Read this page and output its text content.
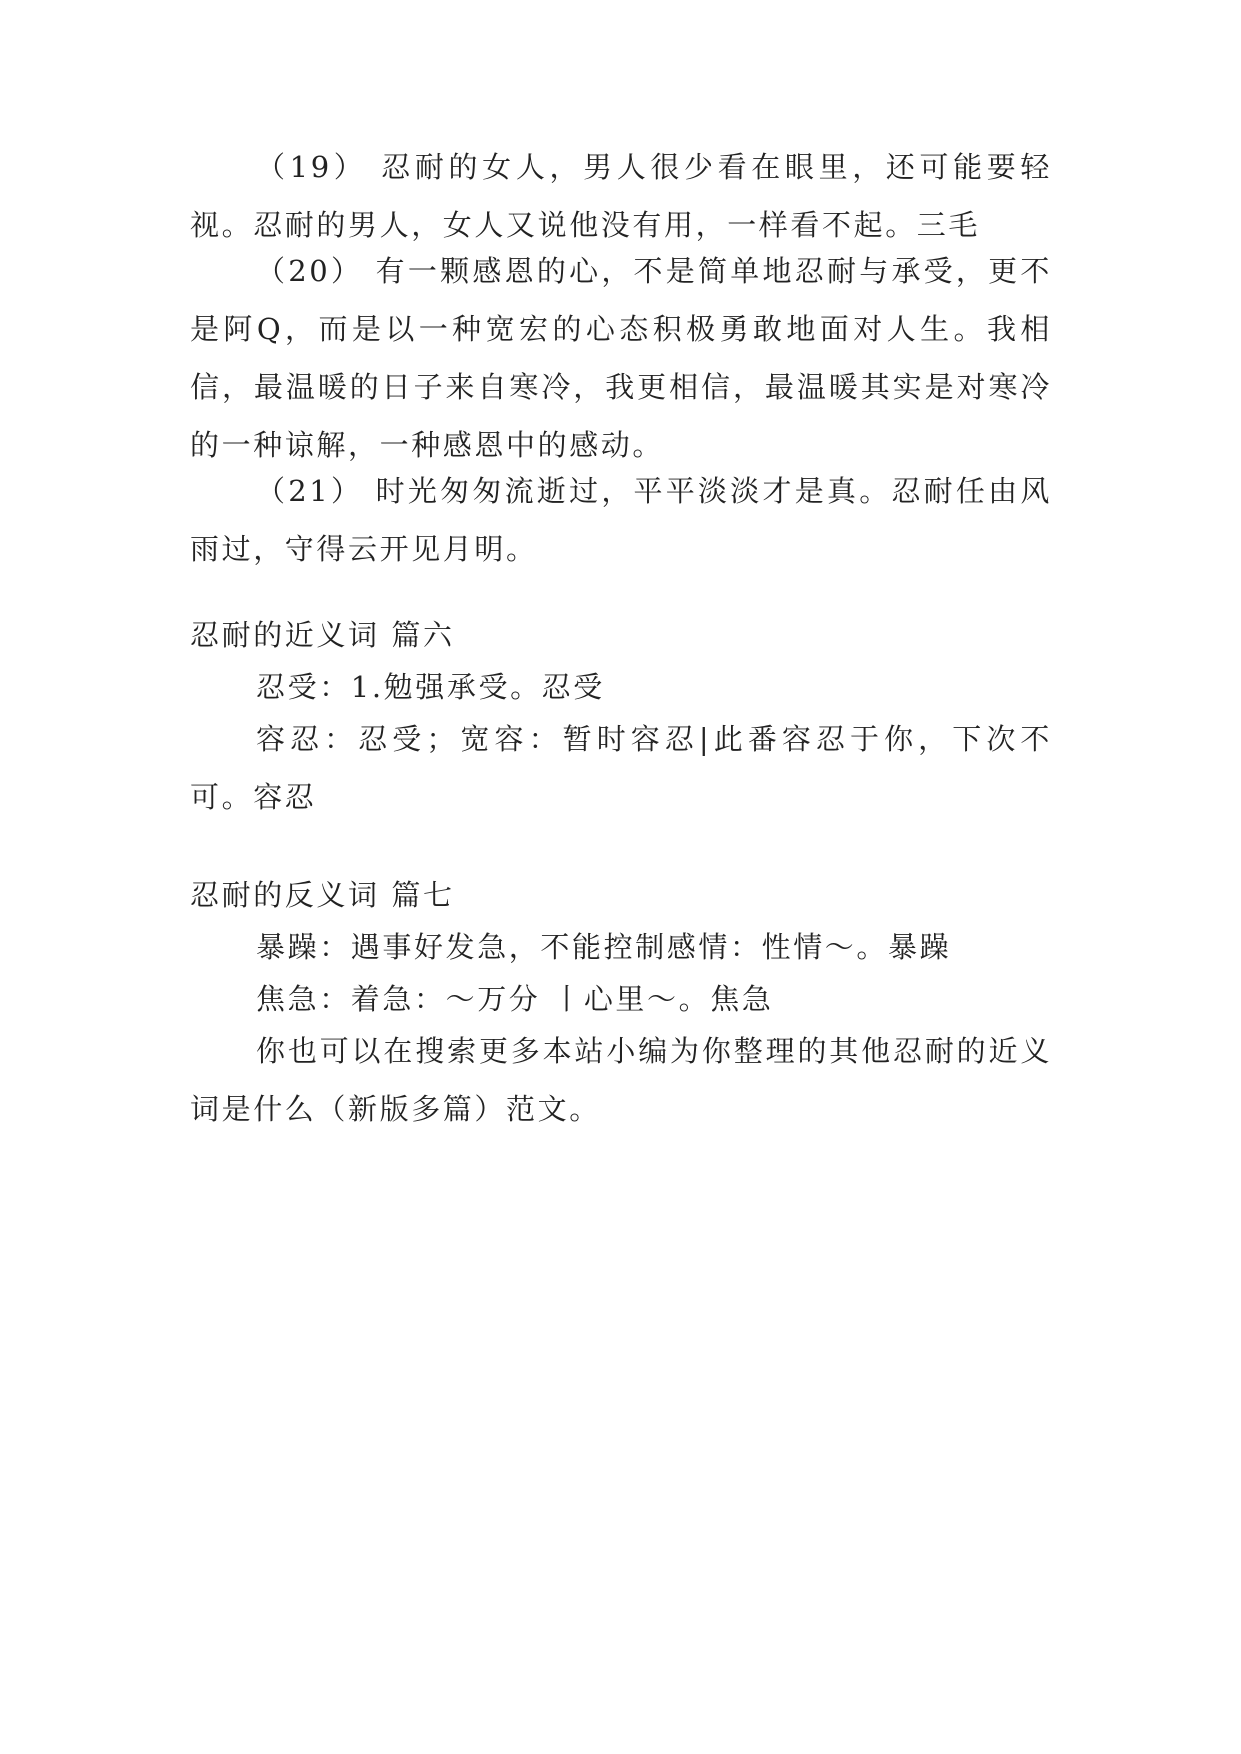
（19） 忍耐的女人，男人很少看在眼里，还可能要轻视。忍耐的男人，女人又说他没有用，一样看不起。三毛

（20） 有一颗感恩的心，不是简单地忍耐与承受，更不是阿Q，而是以一种宽宏的心态积极勇敢地面对人生。我相信，最温暖的日子来自寒冷，我更相信，最温暖其实是对寒冷的一种谅解，一种感恩中的感动。

（21） 时光匆匆流逝过，平平淡淡才是真。忍耐任由风雨过，守得云开见月明。

忍耐的近义词 篇六

忍受：1.勉强承受。忍受

容忍：忍受；宽容：暂时容忍|此番容忍于你，下次不可。容忍

忍耐的反义词 篇七

暴躁：遇事好发急，不能控制感情：性情～。暴躁

焦急：着急：～万分 丨心里～。焦急

你也可以在搜索更多本站小编为你整理的其他忍耐的近义词是什么（新版多篇）范文。
